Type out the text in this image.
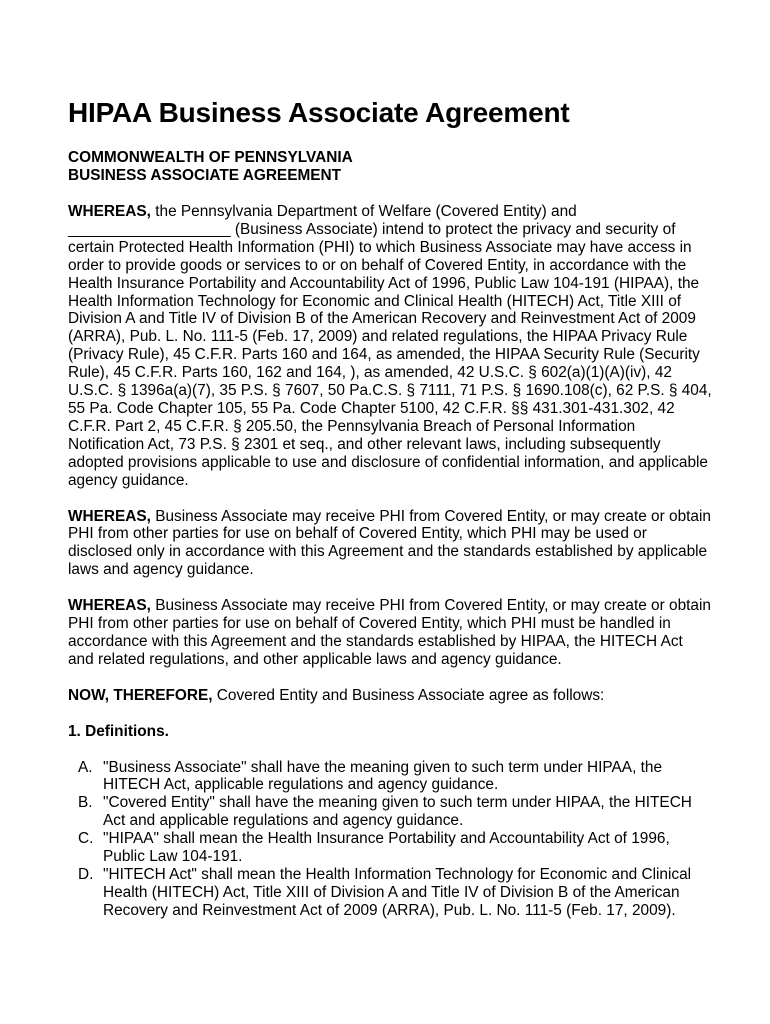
HIPAA Business Associate Agreement
COMMONWEALTH OF PENNSYLVANIA
BUSINESS ASSOCIATE AGREEMENT

WHEREAS, the Pennsylvania Department of Welfare (Covered Entity) and ___________________ (Business Associate) intend to protect the privacy and security of certain Protected Health Information (PHI) to which Business Associate may have access in order to provide goods or services to or on behalf of Covered Entity, in accordance with the Health Insurance Portability and Accountability Act of 1996, Public Law 104-191 (HIPAA), the Health Information Technology for Economic and Clinical Health (HITECH) Act, Title XIII of Division A and Title IV of Division B of the American Recovery and Reinvestment Act of 2009 (ARRA), Pub. L. No. 111-5 (Feb. 17, 2009) and related regulations, the HIPAA Privacy Rule (Privacy Rule), 45 C.F.R. Parts 160 and 164, as amended, the HIPAA Security Rule (Security Rule), 45 C.F.R. Parts 160, 162 and 164, ), as amended, 42 U.S.C. § 602(a)(1)(A)(iv), 42 U.S.C. § 1396a(a)(7), 35 P.S. § 7607, 50 Pa.C.S. § 7111, 71 P.S. § 1690.108(c), 62 P.S. § 404, 55 Pa. Code Chapter 105, 55 Pa. Code Chapter 5100, 42 C.F.R. §§ 431.301-431.302, 42 C.F.R. Part 2, 45 C.F.R. § 205.50, the Pennsylvania Breach of Personal Information Notification Act, 73 P.S. § 2301 et seq., and other relevant laws, including subsequently adopted provisions applicable to use and disclosure of confidential information, and applicable agency guidance.

WHEREAS, Business Associate may receive PHI from Covered Entity, or may create or obtain PHI from other parties for use on behalf of Covered Entity, which PHI may be used or disclosed only in accordance with this Agreement and the standards established by applicable laws and agency guidance.

WHEREAS, Business Associate may receive PHI from Covered Entity, or may create or obtain PHI from other parties for use on behalf of Covered Entity, which PHI must be handled in accordance with this Agreement and the standards established by HIPAA, the HITECH Act and related regulations, and other applicable laws and agency guidance.

NOW, THEREFORE, Covered Entity and Business Associate agree as follows:

1. Definitions.

A. "Business Associate" shall have the meaning given to such term under HIPAA, the HITECH Act, applicable regulations and agency guidance.
B. "Covered Entity" shall have the meaning given to such term under HIPAA, the HITECH Act and applicable regulations and agency guidance.
C. "HIPAA" shall mean the Health Insurance Portability and Accountability Act of 1996, Public Law 104-191.
D. "HITECH Act" shall mean the Health Information Technology for Economic and Clinical Health (HITECH) Act, Title XIII of Division A and Title IV of Division B of the American Recovery and Reinvestment Act of 2009 (ARRA), Pub. L. No. 111-5 (Feb. 17, 2009).
